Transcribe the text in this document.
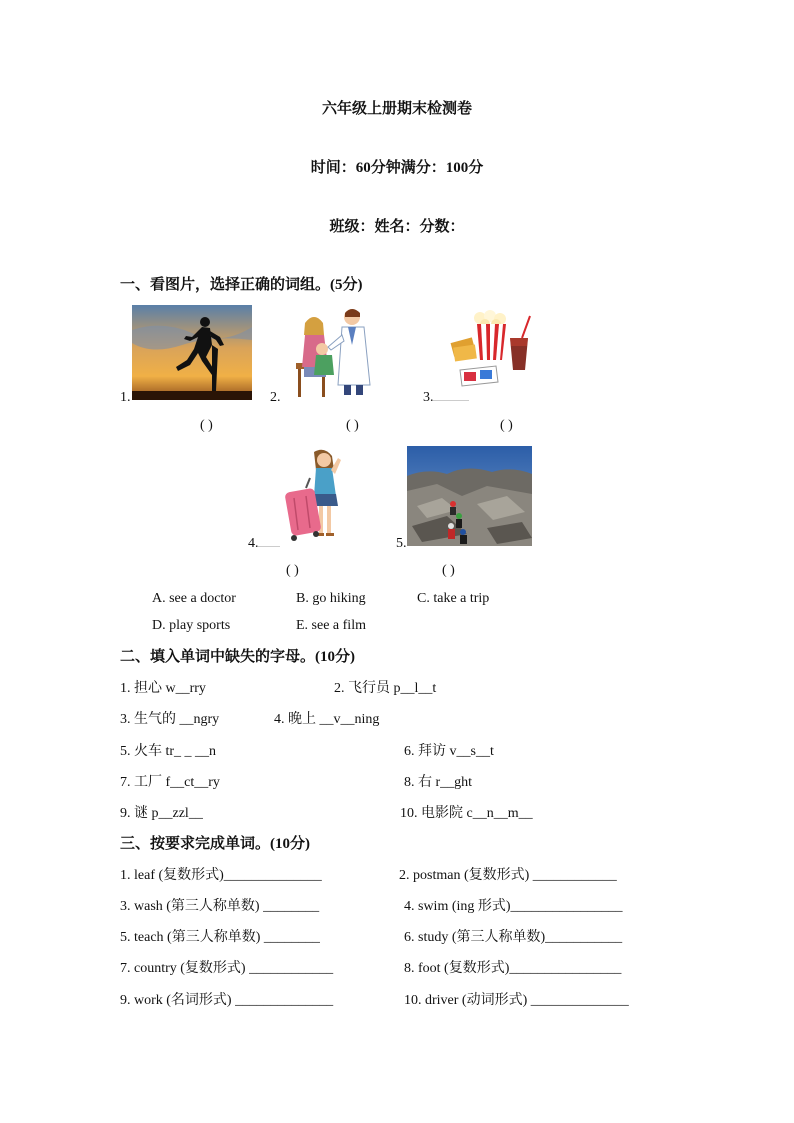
六年级上册期末检测卷
时间：60分钟满分：100分
班级：姓名：分数：
一、看图片，选择正确的词组。(5分)
1.
( )
2.
( )
3.
( )
4.
( )
5.
( )
A. see a doctor	B. go hiking	C. take a trip
D. play sports	E. see a film
二、填入单词中缺失的字母。(10分)
1. 担心 w__rry	2. 飞行员 p__l__t
3. 生气的 __ngry	4. 晚上 __v__ning
5. 火车 tr_ _ __n	6. 拜访 v__s__t
7. 工厂 f__ct__ry	8. 右 r__ght
9. 谜 p__zzl__	10. 电影院 c__n__m__
三、按要求完成单词。(10分)
1. leaf (复数形式)______________	2. postman (复数形式) ____________
3. wash (第三人称单数) ________	4. swim (ing 形式)________________
5. teach (第三人称单数) ________	6. study (第三人称单数)___________
7. country (复数形式) ____________	8. foot (复数形式)________________
9. work (名词形式) ______________	10. driver (动词形式) ______________
